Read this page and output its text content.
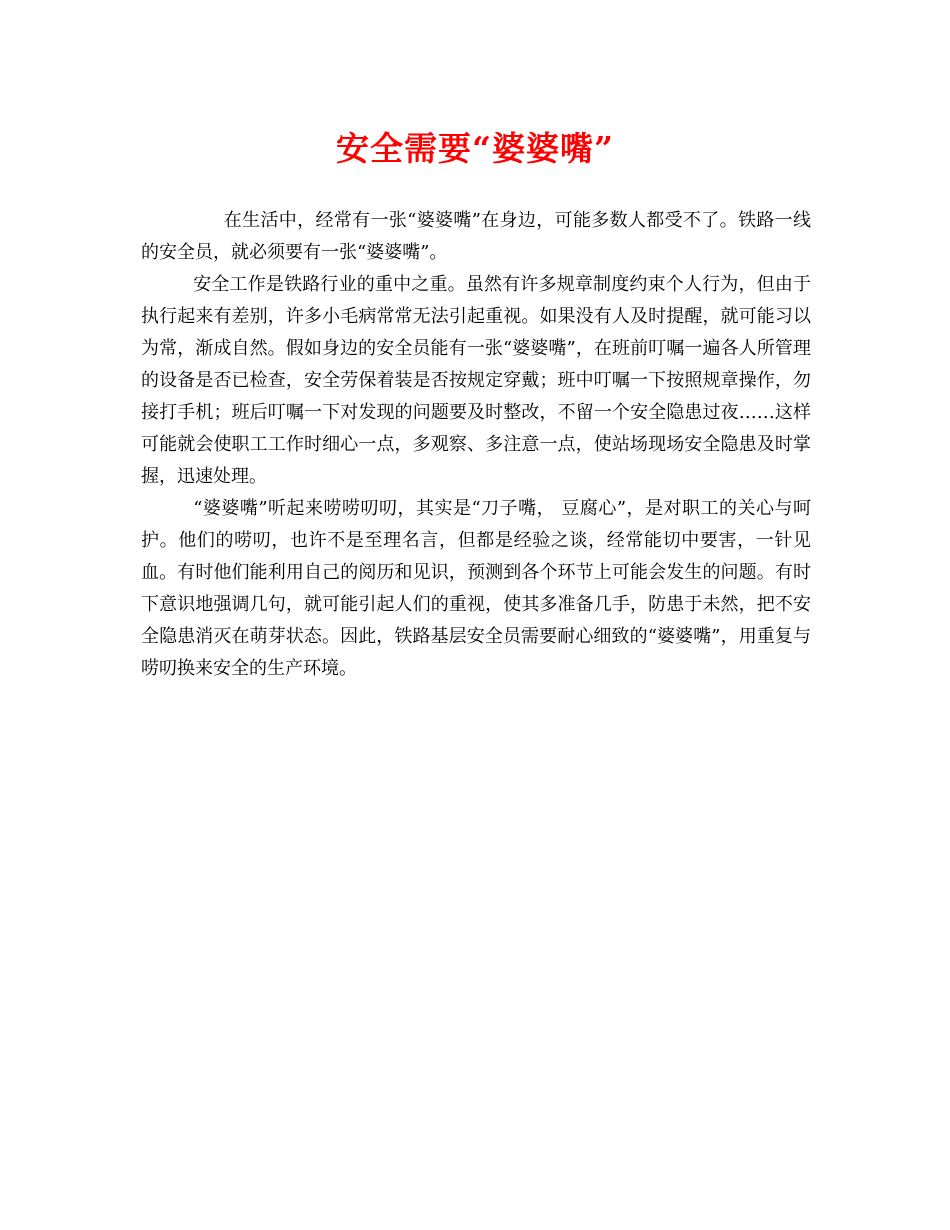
安全需要“婆婆嘴”

在生活中，经常有一张“婆婆嘴”在身边，可能多数人都受不了。铁路一线的安全员，就必须要有一张“婆婆嘴”。

安全工作是铁路行业的重中之重。虽然有许多规章制度约束个人行为，但由于执行起来有差别，许多小毛病常常无法引起重视。如果没有人及时提醒，就可能习以为常，渐成自然。假如身边的安全员能有一张“婆婆嘴”，在班前叮嘱一遍各人所管理的设备是否已检查，安全劳保着装是否按规定穿戴；班中叮嘱一下按照规章操作，勿接打手机；班后叮嘱一下对发现的问题要及时整改，不留一个安全隐患过夜……这样可能就会使职工工作时细心一点，多观察、多注意一点，使站场现场安全隐患及时掌握，迅速处理。

“婆婆嘴”听起来唠唠叨叨，其实是“刀子嘴， 豆腐心”，是对职工的关心与呵护。他们的唠叨，也许不是至理名言，但都是经验之谈，经常能切中要害，一针见血。有时他们能利用自己的阅历和见识，预测到各个环节上可能会发生的问题。有时下意识地强调几句，就可能引起人们的重视，使其多准备几手，防患于未然，把不安全隐患消灭在萌芽状态。因此，铁路基层安全员需要耐心细致的“婆婆嘴”，用重复与唠叨换来安全的生产环境。
